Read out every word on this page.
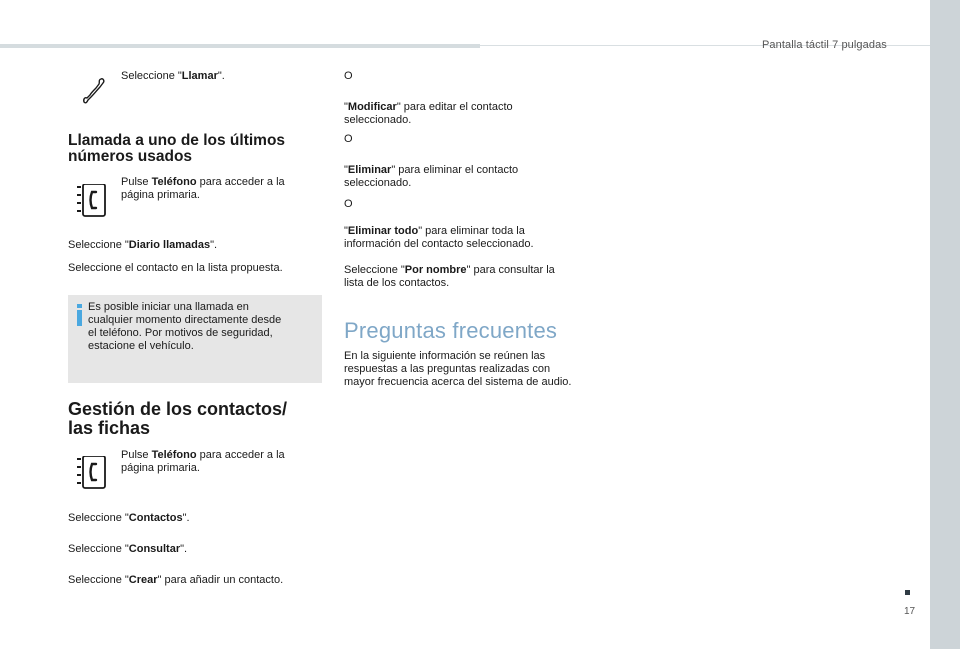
Pantalla táctil 7 pulgadas
Seleccione "Llamar".
Llamada a uno de los últimos
números usados
Pulse Teléfono para acceder a la
página primaria.
Seleccione "Diario llamadas".
Seleccione el contacto en la lista propuesta.
Es posible iniciar una llamada en
cualquier momento directamente desde
el teléfono. Por motivos de seguridad,
estacione el vehículo.
Gestión de los contactos/
las fichas
Pulse Teléfono para acceder a la
página primaria.
Seleccione "Contactos".
Seleccione "Consultar".
Seleccione "Crear" para añadir un contacto.
O
"Modificar" para editar el contacto
seleccionado.
O
"Eliminar" para eliminar el contacto
seleccionado.
O
"Eliminar todo" para eliminar toda la
información del contacto seleccionado.
Seleccione "Por nombre" para consultar la
lista de los contactos.
Preguntas frecuentes
En la siguiente información se reúnen las
respuestas a las preguntas realizadas con
mayor frecuencia acerca del sistema de audio.
17
